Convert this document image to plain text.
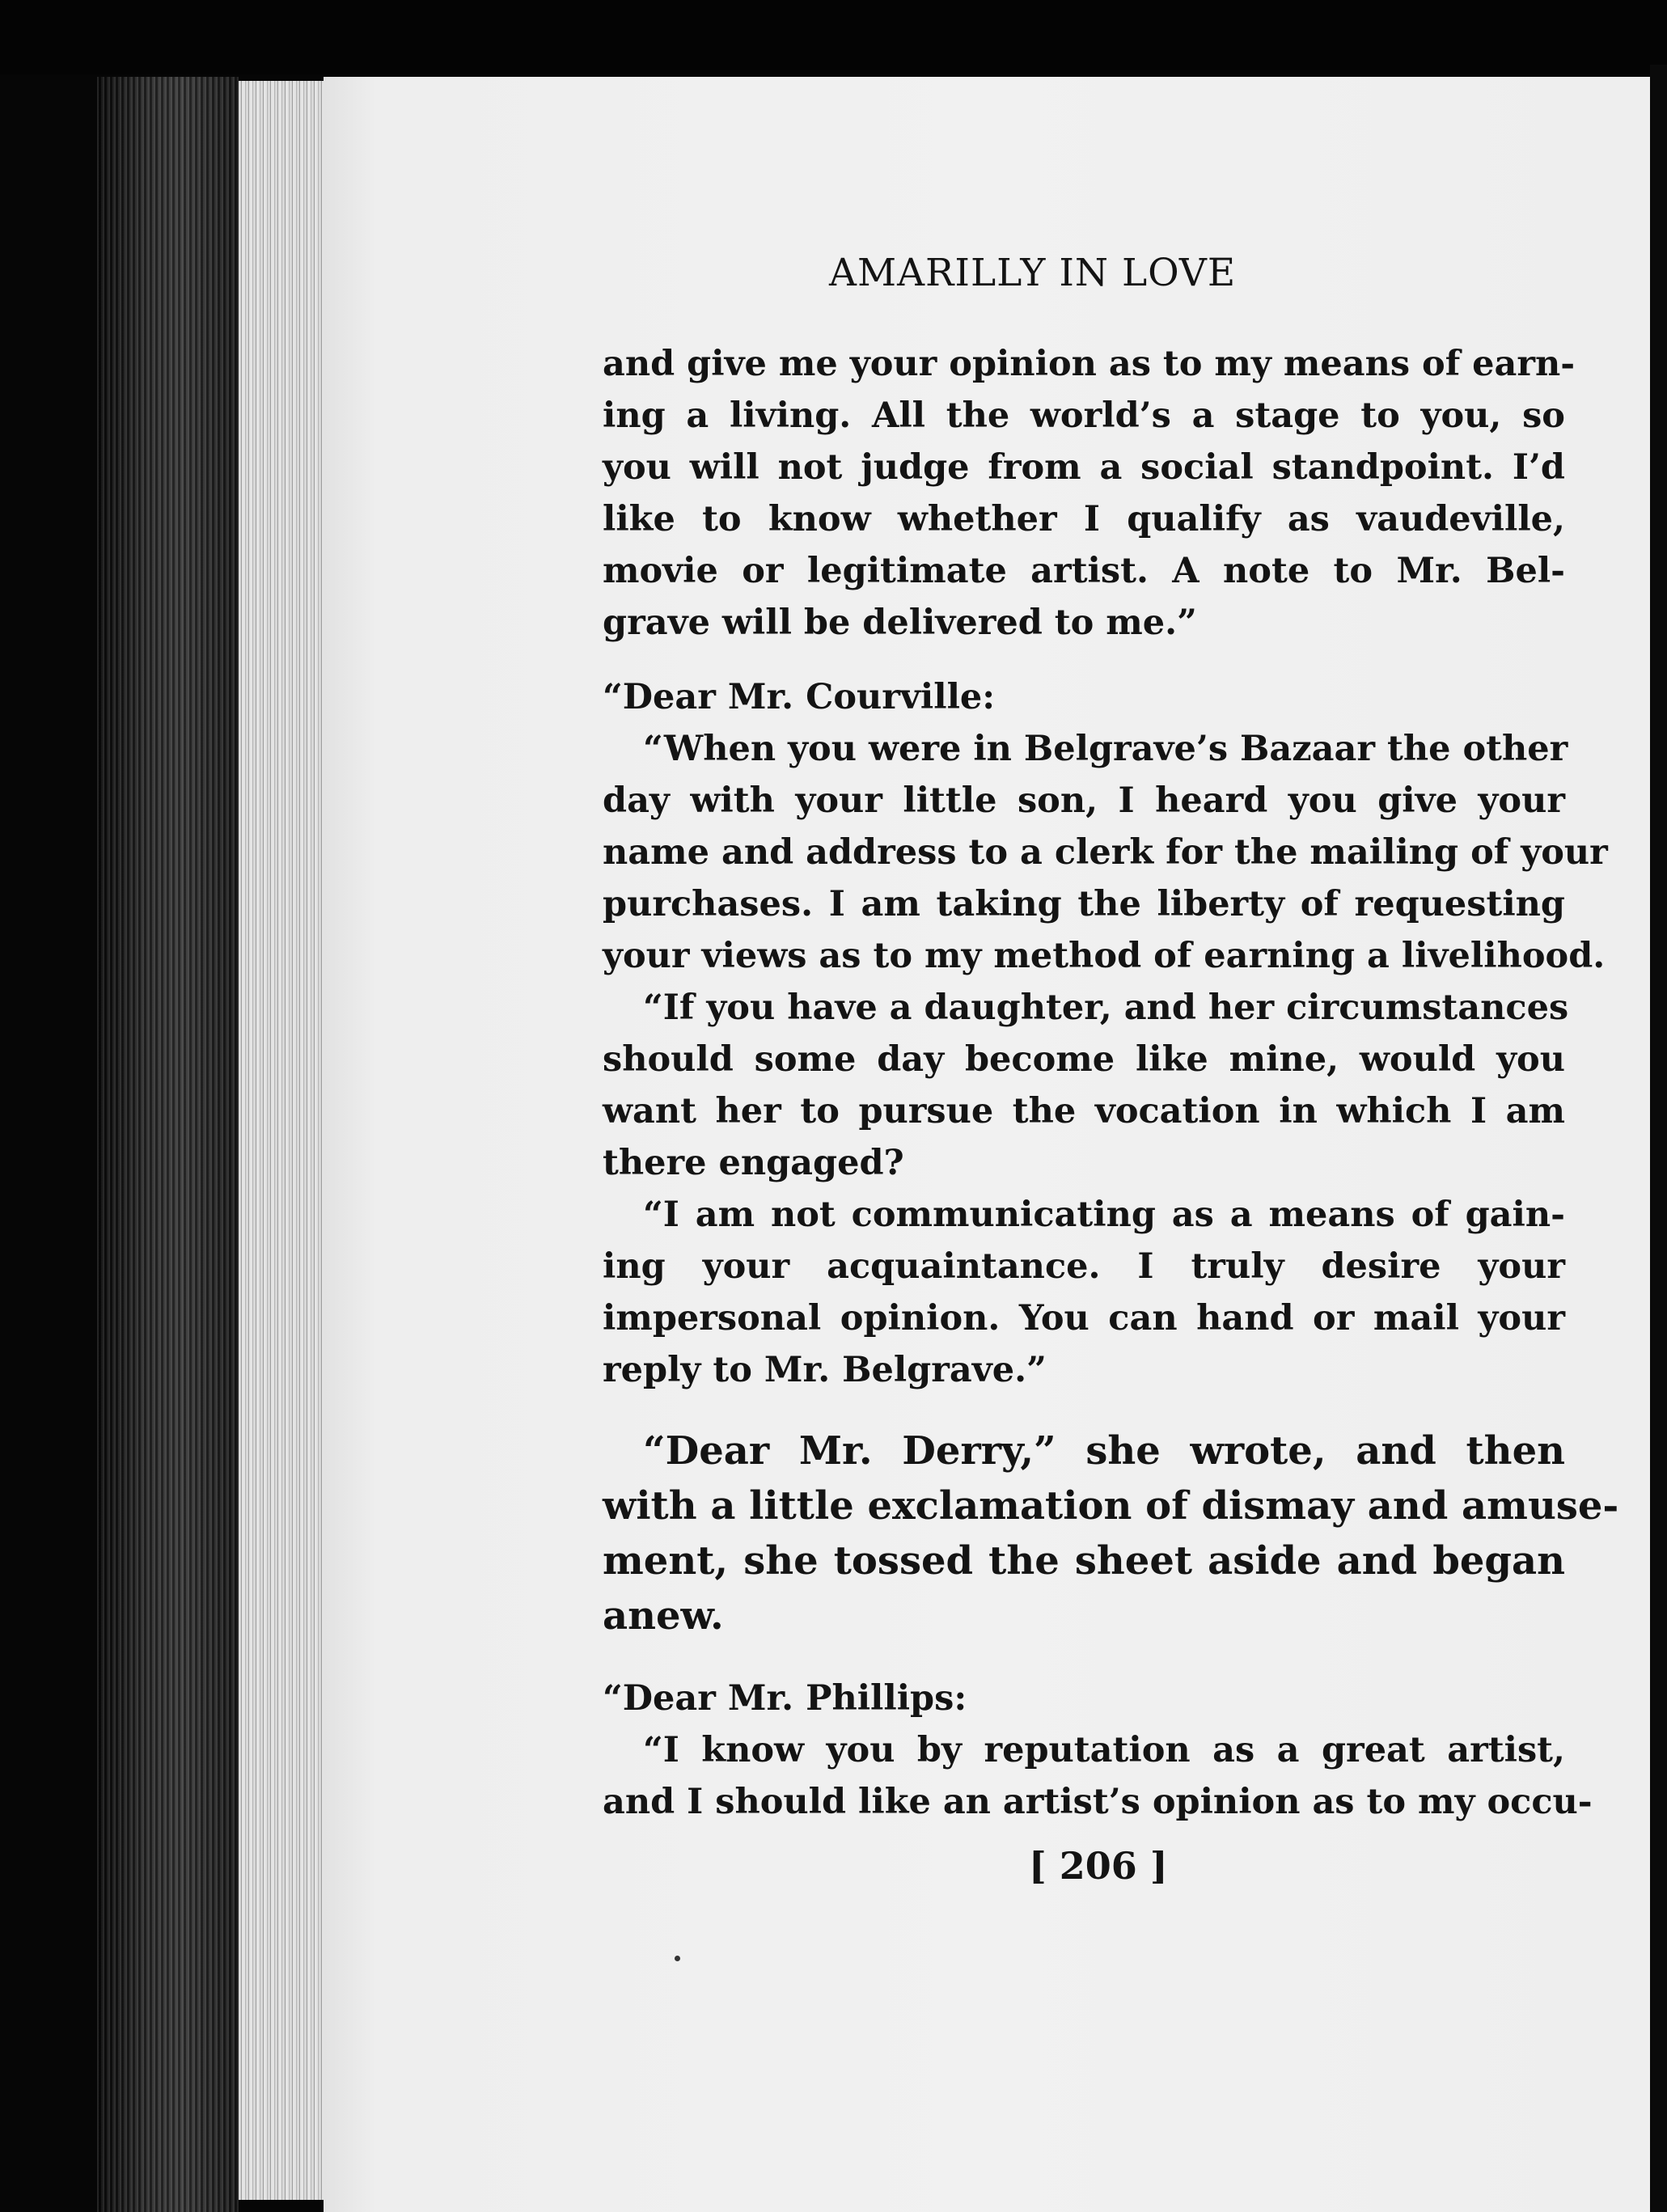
AMARILLY IN LOVE

and give me your opinion as to my means of earn-

ing a living. All the world’s a stage to you, so

you will not judge from a social standpoint. I’d

like to know whether I qualify as vaudeville,

movie or legitimate artist. A note to Mr. Bel-

grave will be delivered to me.”

“Dear Mr. Courville:

“When you were in Belgrave’s Bazaar the other

day with your little son, I heard you give your

name and address to a clerk for the mailing of your

purchases. I am taking the liberty of requesting

your views as to my method of earning a livelihood.

“If you have a daughter, and her circumstances

should some day become like mine, would you

want her to pursue the vocation in which I am

there engaged?

“I am not communicating as a means of gain-

ing your acquaintance. I truly desire your

impersonal opinion. You can hand or mail your

reply to Mr. Belgrave.”

“Dear Mr. Derry,” she wrote, and then

with a little exclamation of dismay and amuse-

ment, she tossed the sheet aside and began

anew.

“Dear Mr. Phillips:

“I know you by reputation as a great artist,

and I should like an artist’s opinion as to my occu-

[ 206 ]
